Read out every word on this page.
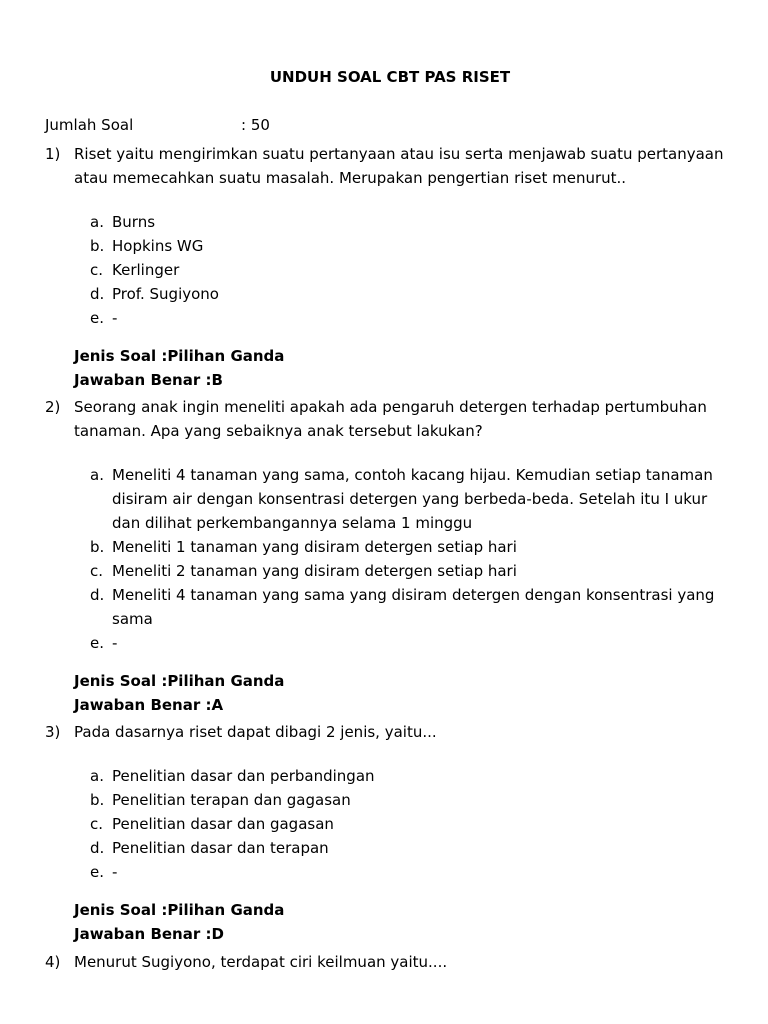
UNDUH SOAL CBT PAS RISET
Jumlah Soal	: 50
1) Riset yaitu mengirimkan suatu pertanyaan atau isu serta menjawab suatu pertanyaan atau memecahkan suatu masalah. Merupakan pengertian riset menurut..
a. Burns
b. Hopkins WG
c. Kerlinger
d. Prof. Sugiyono
e. -
Jenis Soal :Pilihan Ganda
Jawaban Benar :B
2) Seorang anak ingin meneliti apakah ada pengaruh detergen terhadap pertumbuhan tanaman. Apa yang sebaiknya anak tersebut lakukan?
a. Meneliti 4 tanaman yang sama, contoh kacang hijau. Kemudian setiap tanaman disiram air dengan konsentrasi detergen yang berbeda-beda. Setelah itu I ukur dan dilihat perkembangannya selama 1 minggu
b. Meneliti 1 tanaman yang disiram detergen setiap hari
c. Meneliti 2 tanaman yang disiram detergen setiap hari
d. Meneliti 4 tanaman yang sama yang disiram detergen dengan konsentrasi yang sama
e. -
Jenis Soal :Pilihan Ganda
Jawaban Benar :A
3) Pada dasarnya riset dapat dibagi 2 jenis, yaitu...
a. Penelitian dasar dan perbandingan
b. Penelitian terapan dan gagasan
c. Penelitian dasar dan gagasan
d. Penelitian dasar dan terapan
e. -
Jenis Soal :Pilihan Ganda
Jawaban Benar :D
4) Menurut Sugiyono, terdapat ciri keilmuan yaitu....
